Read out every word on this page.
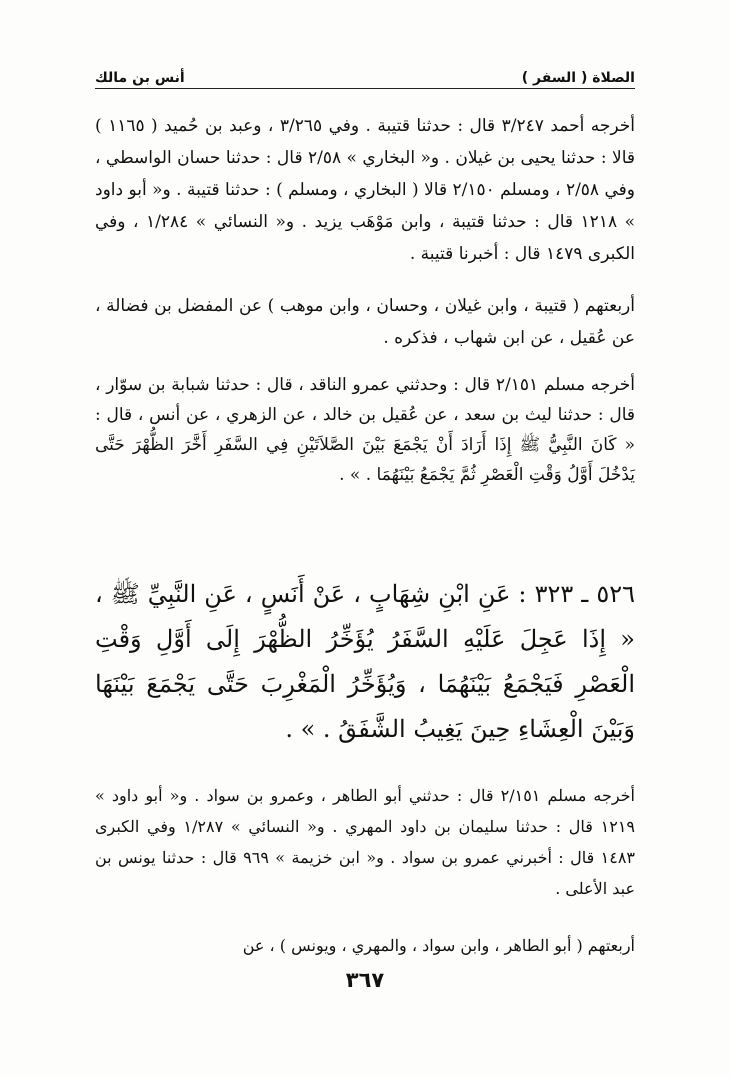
الصلاة ( السفر )
أنس بن مالك

أخرجه أحمد ٣/٢٤٧ قال : حدثنا قتيبة . وفي ٣/٢٦٥ ، وعبد بن حُميد ( ١١٦٥ ) قالا : حدثنا يحيى بن غيلان . و« البخاري » ٢/٥٨ قال : حدثنا حسان الواسطي ، وفي ٢/٥٨ ، ومسلم ٢/١٥٠ قالا ( البخاري ، ومسلم ) : حدثنا قتيبة . و« أبو داود » ١٢١٨ قال : حدثنا قتيبة ، وابن مَوْهَب يزيد . و« النسائي » ١/٢٨٤ ، وفي الكبرى ١٤٧٩ قال : أخبرنا قتيبة .

أربعتهم ( قتيبة ، وابن غيلان ، وحسان ، وابن موهب ) عن المفضل بن فضالة ، عن عُقيل ، عن ابن شهاب ، فذكره .

أخرجه مسلم ٢/١٥١ قال : وحدثني عمرو الناقد ، قال : حدثنا شبابة بن سوّار ، قال : حدثنا ليث بن سعد ، عن عُقيل بن خالد ، عن الزهري ، عن أنس ، قال : « كَانَ النَّبِيُّ ﷺ إِذَا أَرَادَ أَنْ يَجْمَعَ بَيْنَ الصَّلاَتَيْنِ فِي السَّفَرِ أَخَّرَ الظُّهْرَ حَتَّى يَدْخُلَ أَوَّلُ وَقْتِ الْعَصْرِ ثُمَّ يَجْمَعُ بَيْنَهُمَا . » .

٥٢٦ ـ ٣٢٣ : عَنِ ابْنِ شِهَابٍ ، عَنْ أَنَسٍ ، عَنِ النَّبِيِّ ﷺ ، « إِذَا عَجِلَ عَلَيْهِ السَّفَرُ يُؤَخِّرُ الظُّهْرَ إِلَى أَوَّلِ وَقْتِ الْعَصْرِ فَيَجْمَعُ بَيْنَهُمَا ، وَيُؤَخِّرُ الْمَغْرِبَ حَتَّى يَجْمَعَ بَيْنَهَا وَبَيْنَ الْعِشَاءِ حِينَ يَغِيبُ الشَّفَقُ . » .

أخرجه مسلم ٢/١٥١ قال : حدثني أبو الطاهر ، وعمرو بن سواد . و« أبو داود » ١٢١٩ قال : حدثنا سليمان بن داود المهري . و« النسائي » ١/٢٨٧ وفي الكبرى ١٤٨٣ قال : أخبرني عمرو بن سواد . و« ابن خزيمة » ٩٦٩ قال : حدثنا يونس بن عبد الأعلى .

أربعتهم ( أبو الطاهر ، وابن سواد ، والمهري ، ويونس ) ، عن

٣٦٧
